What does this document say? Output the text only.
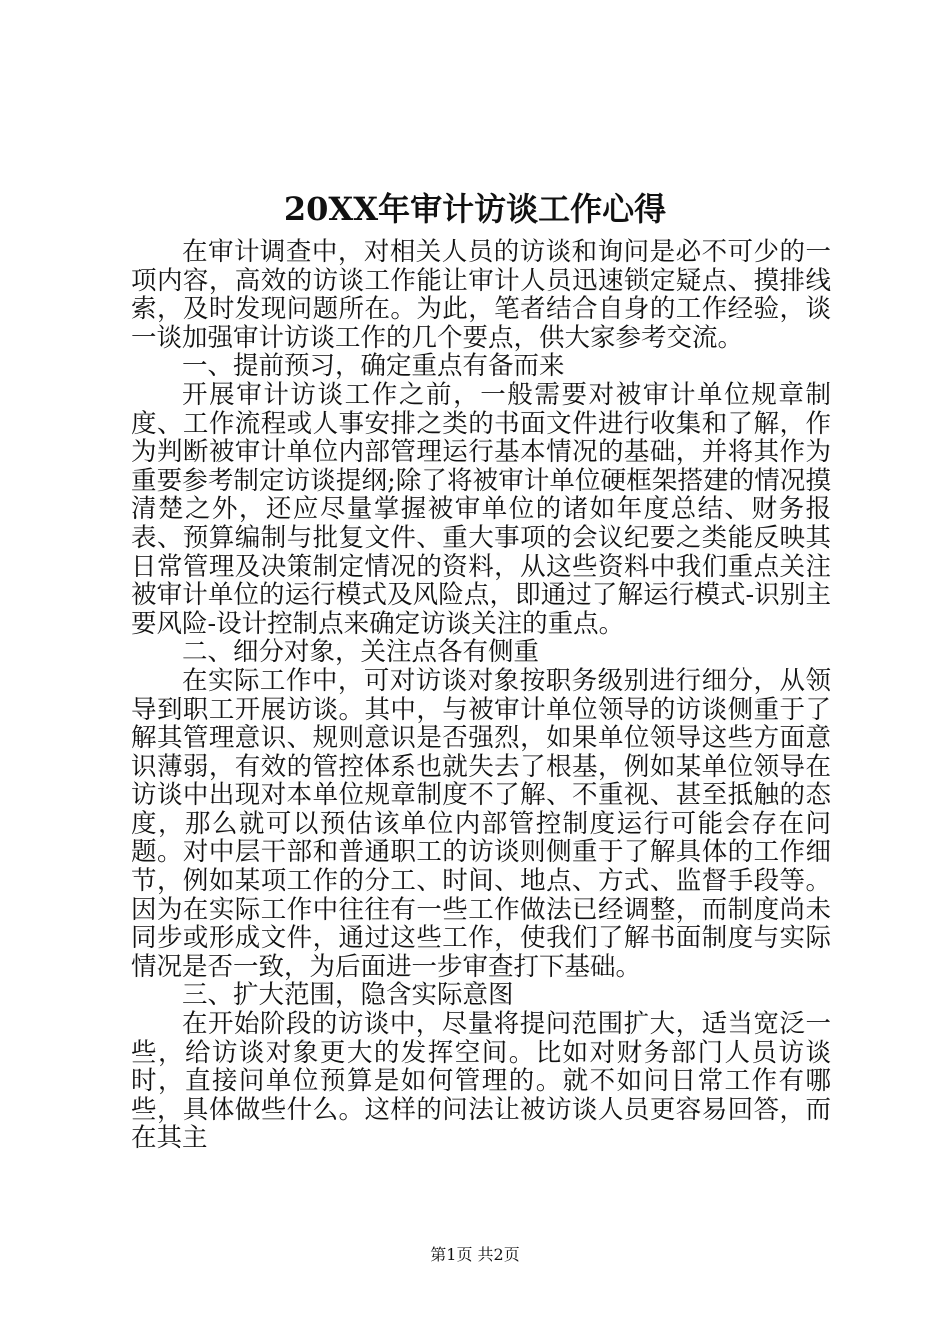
20XX年审计访谈工作心得

在审计调查中，对相关人员的访谈和询问是必不可少的一项内容，高效的访谈工作能让审计人员迅速锁定疑点、摸排线索，及时发现问题所在。为此，笔者结合自身的工作经验，谈一谈加强审计访谈工作的几个要点，供大家参考交流。

一、提前预习，确定重点有备而来

开展审计访谈工作之前，一般需要对被审计单位规章制度、工作流程或人事安排之类的书面文件进行收集和了解，作为判断被审计单位内部管理运行基本情况的基础，并将其作为重要参考制定访谈提纲;除了将被审计单位硬框架搭建的情况摸清楚之外，还应尽量掌握被审单位的诸如年度总结、财务报表、预算编制与批复文件、重大事项的会议纪要之类能反映其日常管理及决策制定情况的资料，从这些资料中我们重点关注被审计单位的运行模式及风险点，即通过了解运行模式-识别主要风险-设计控制点来确定访谈关注的重点。

二、细分对象，关注点各有侧重

在实际工作中，可对访谈对象按职务级别进行细分，从领导到职工开展访谈。其中，与被审计单位领导的访谈侧重于了解其管理意识、规则意识是否强烈，如果单位领导这些方面意识薄弱，有效的管控体系也就失去了根基，例如某单位领导在访谈中出现对本单位规章制度不了解、不重视、甚至抵触的态度，那么就可以预估该单位内部管控制度运行可能会存在问题。对中层干部和普通职工的访谈则侧重于了解具体的工作细节，例如某项工作的分工、时间、地点、方式、监督手段等。因为在实际工作中往往有一些工作做法已经调整，而制度尚未同步或形成文件，通过这些工作，使我们了解书面制度与实际情况是否一致，为后面进一步审查打下基础。

三、扩大范围，隐含实际意图

在开始阶段的访谈中，尽量将提问范围扩大，适当宽泛一些，给访谈对象更大的发挥空间。比如对财务部门人员访谈时，直接问单位预算是如何管理的。就不如问日常工作有哪些，具体做些什么。这样的问法让被访谈人员更容易回答，而在其主

第1页 共2页
